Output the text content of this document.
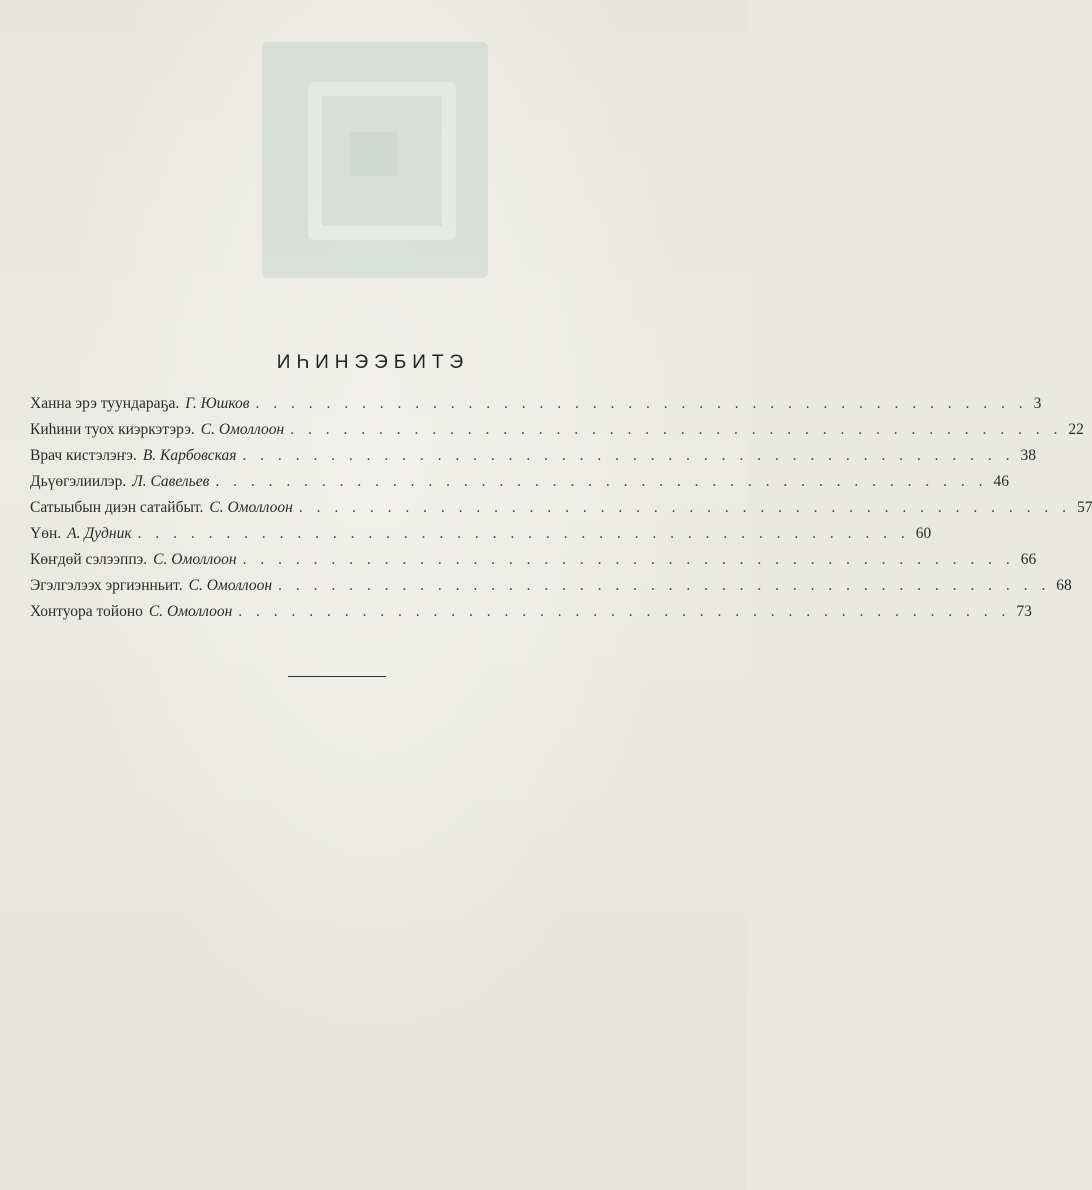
ИҺИНЭЭБИТЭ
Ханна эрэ туундараҕа. Г. Юшков . . . . . . . . . . . . . . . . . . . . . . . . . . . . . . . . . . . . . . . . . . . . 3
Киһини туох киэркэтэрэ. С. Омоллоон . . . . . . . . . . . . . . . . . . . . . . . . . . . . . . . . . . . . . . . . . . . . 22
Врач кистэлэҥэ. В. Карбовская . . . . . . . . . . . . . . . . . . . . . . . . . . . . . . . . . . . . . . . . . . . . 38
Дьүөгэлиилэр. Л. Савельев . . . . . . . . . . . . . . . . . . . . . . . . . . . . . . . . . . . . . . . . . . . . 46
Сатыыбын диэн сатайбыт. С. Омоллоон . . . . . . . . . . . . . . . . . . . . . . . . . . . . . . . . . . . . . . . . . . . . 57
Үөн. А. Дудник . . . . . . . . . . . . . . . . . . . . . . . . . . . . . . . . . . . . . . . . . . . . 60
Көҥдөй сэлээппэ. С. Омоллоон . . . . . . . . . . . . . . . . . . . . . . . . . . . . . . . . . . . . . . . . . . . . 66
Эгэлгэлээх эргиэнньит. С. Омоллоон . . . . . . . . . . . . . . . . . . . . . . . . . . . . . . . . . . . . . . . . . . . . 68
Хонтуора тойоно С. Омоллоон . . . . . . . . . . . . . . . . . . . . . . . . . . . . . . . . . . . . . . . . . . . . 73
